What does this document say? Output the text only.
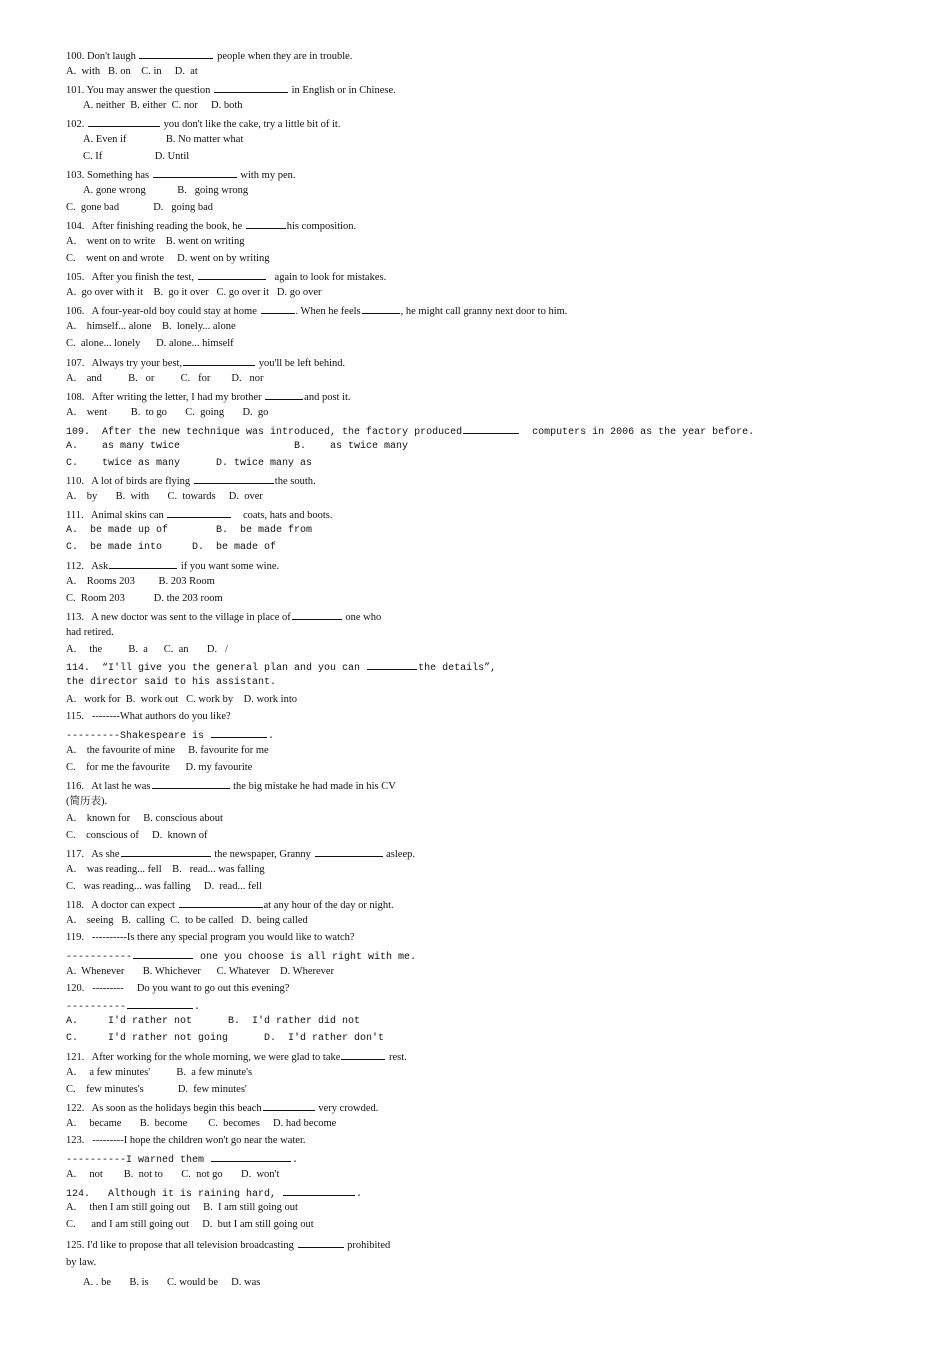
100. Don't laugh	people when they are in trouble.
A.  with   B. on    C. in     D.  at
101. You may answer the question	in English or in Chinese.
A. neither  B. either  C. nor     D. both
102.	you don't like the cake, try a little bit of it.
A. Even if               B. No matter what
C. If                    D. Until
103. Something has	with my pen.
A. gone wrong            B.   going wrong
C.  gone bad             D.   going bad
104.   After finishing reading the book, he	his composition.
A.    went on to write    B. went on writing
C.    went on and wrote     D. went on by writing
105.   After you finish the test,	again to look for mistakes.
A.  go over with it    B.  go it over   C. go over it   D. go over
106.   A four-year-old boy could stay at home	. When he feels	, he might call granny next door to him.
A.    himself... alone    B.  lonely... alone
C.  alone... lonely      D. alone... himself
107.   Always try your best,	you'll be left behind.
A.    and          B.   or          C.   for        D.   nor
108.   After writing the letter, I had my brother	and post it.
A.    went         B.  to go       C.  going       D.  go
109.  After the new technique was introduced, the factory produced	computers in 2006 as the year before.
A.    as many twice                   B.    as twice many
C.    twice as many      D. twice many as
110.   A lot of birds are flying	the south.
A.    by       B.  with       C.  towards     D.  over
111.   Animal skins can	coats, hats and boots.
A.  be made up of        B.  be made from
C.  be made into     D.  be made of
112.   Ask	if you want some wine.
A.    Rooms 203         B. 203 Room
C.  Room 203           D. the 203 room
113.   A new doctor was sent to the village in place of	one who
had retired.
A.     the          B.  a      C.  an       D.   /
114.  “I'll give you the general plan and you can	the details”,
the director said to his assistant.
A.   work for  B.  work out   C. work by    D. work into
115.   --------What authors do you like?
---------Shakespeare is	.
A.    the favourite of mine     B. favourite for me
C.    for me the favourite      D. my favourite
116.   At last he was	the big mistake he had made in his CV
(简历表).
A.    known for     B. conscious about
C.    conscious of     D.  known of
117.   As she	the newspaper, Granny	asleep.
A.    was reading... fell    B.   read... was falling
C.   was reading... was falling     D.  read... fell
118.   A doctor can expect	at any hour of the day or night.
A.    seeing   B.  calling  C.  to be called   D.  being called
119.   ----------Is there any special program you would like to watch?
-----------	one you choose is all right with me.
A.  Whenever       B. Whichever      C. Whatever    D. Wherever
120.   ---------     Do you want to go out this evening?
----------	.
A.     I'd rather not      B.  I'd rather did not
C.     I'd rather not going      D.  I'd rather don't
121.   After working for the whole morning, we were glad to take	rest.
A.     a few minutes'          B.  a few minute's
C.    few minutes's             D.  few minutes'
122.   As soon as the holidays begin this beach	very crowded.
A.     became       B.  become        C.  becomes     D. had become
123.   ---------I hope the children won't go near the water.
----------I warned them	.
A.     not        B.  not to       C.  not go       D.  won't
124.   Although it is raining hard,	.
A.     then I am still going out     B.  I am still going out
C.      and I am still going out     D.  but I am still going out
125. I'd like to propose that all television broadcasting	prohibited
by law.
A. . be       B. is       C. would be     D. was
